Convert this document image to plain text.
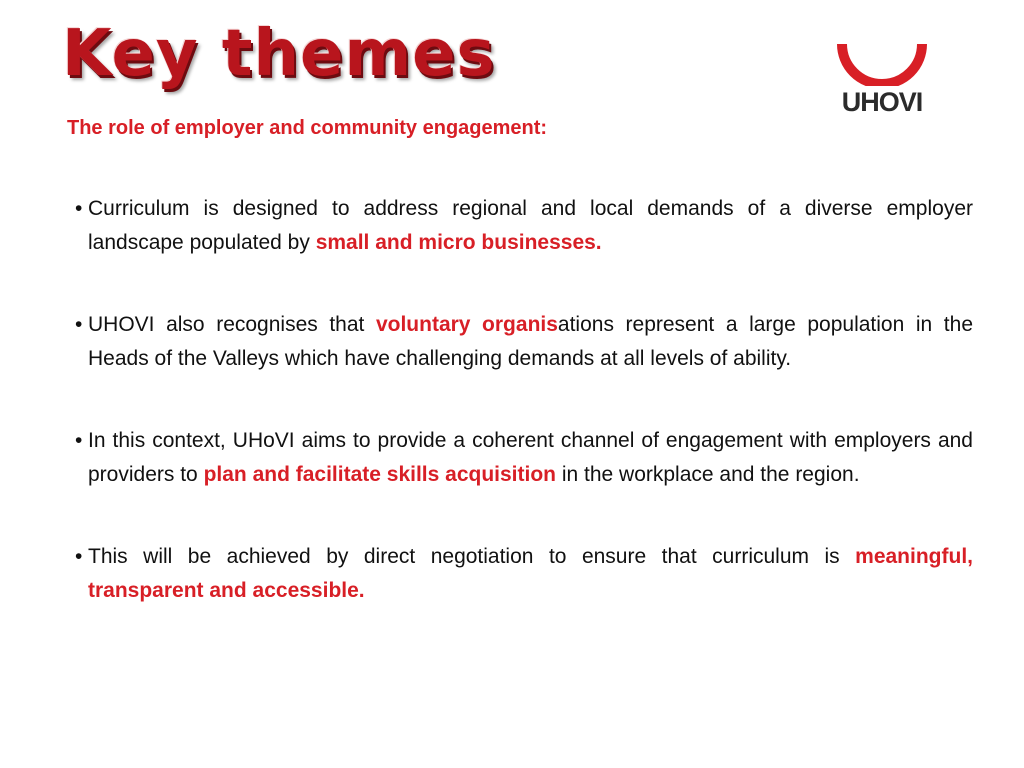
Key themes
UHOVI
The role of employer and community engagement:
• Curriculum is designed to address regional and local demands of a diverse employer landscape populated by small and micro businesses.
• UHOVI also recognises that voluntary organisations represent a large population in the Heads of the Valleys which have challenging demands at all levels of ability.
• In this context, UHoVI aims to provide a coherent channel of engagement with employers and providers to plan and facilitate skills acquisition in the workplace and the region.
• This will be achieved by direct negotiation to ensure that curriculum is meaningful, transparent and accessible.
